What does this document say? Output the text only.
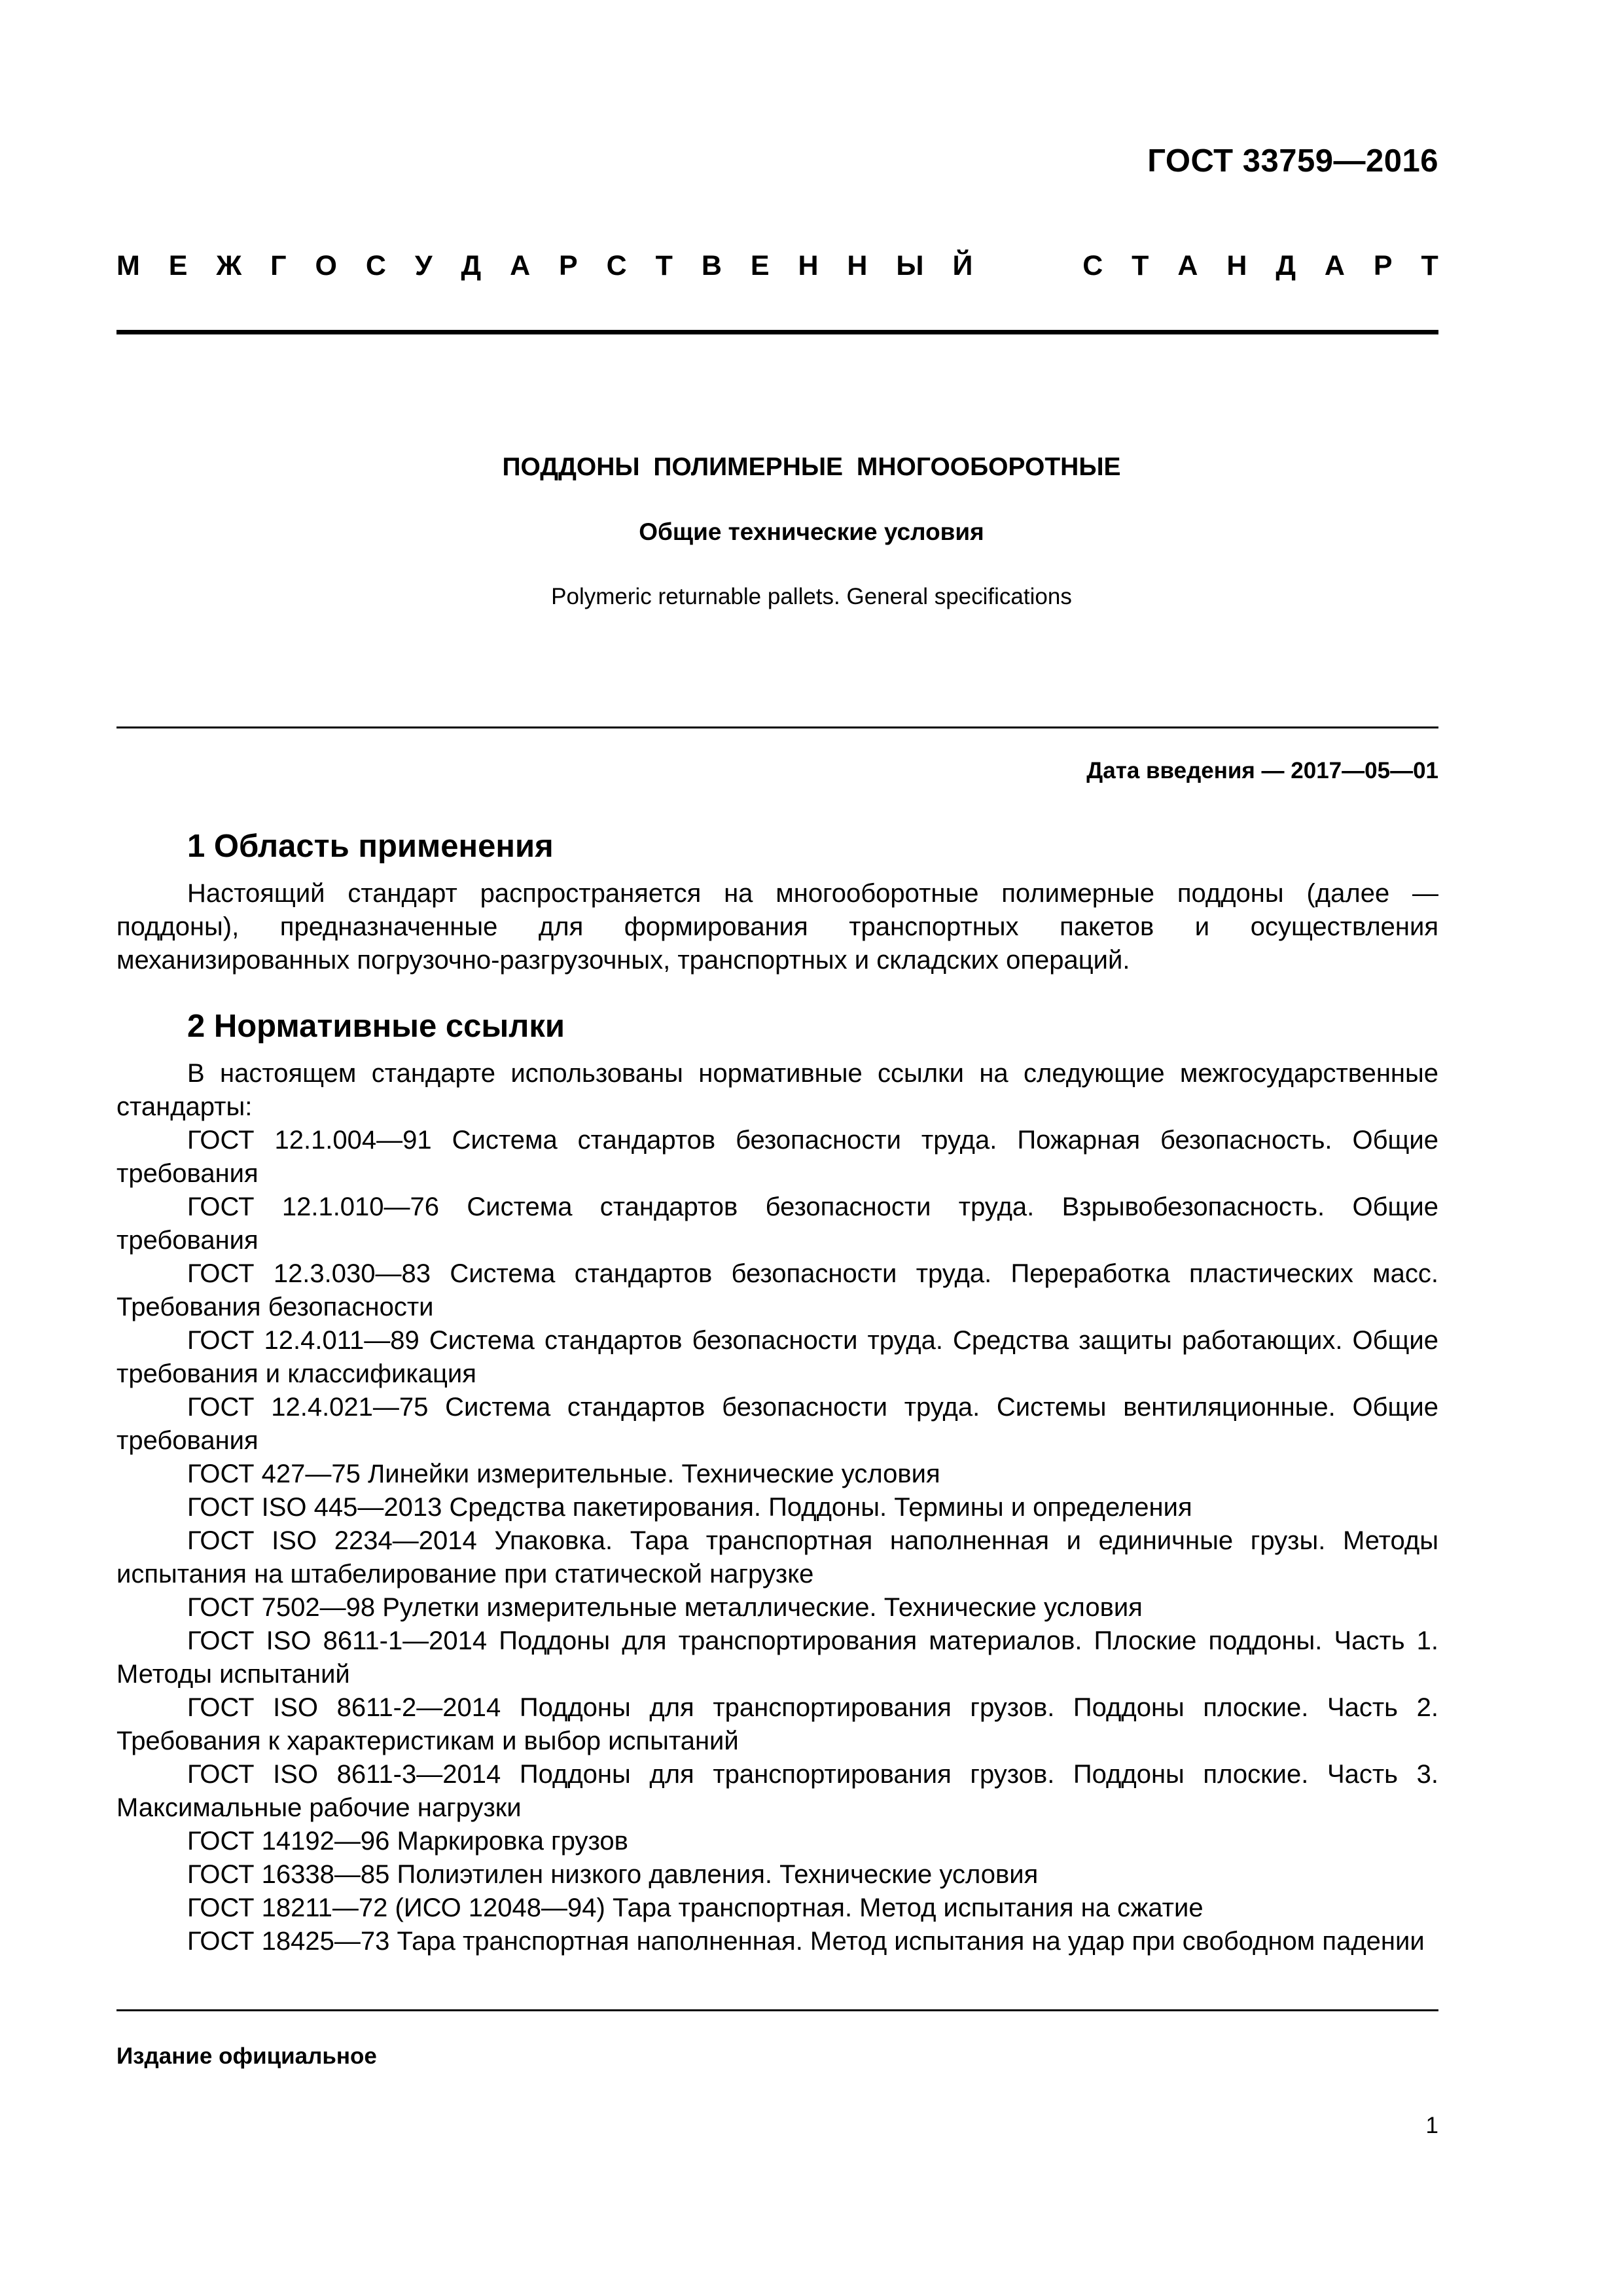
ГОСТ 33759—2016
М Е Ж Г О С У Д А Р С Т В Е Н Н Ы Й	С Т А Н Д А Р Т
ПОДДОНЫ ПОЛИМЕРНЫЕ МНОГООБОРОТНЫЕ
Общие технические условия
Polymeric returnable pallets. General specifications
Дата введения — 2017—05—01
1 Область применения

Настоящий стандарт распространяется на многооборотные полимерные поддоны (далее — поддоны), предназначенные для формирования транспортных пакетов и осуществления механизированных погрузочно-разгрузочных, транспортных и складских операций.

2 Нормативные ссылки

В настоящем стандарте использованы нормативные ссылки на следующие межгосударственные стандарты:

ГОСТ 12.1.004—91 Система стандартов безопасности труда. Пожарная безопасность. Общие требования
ГОСТ 12.1.010—76 Система стандартов безопасности труда. Взрывобезопасность. Общие требования
ГОСТ 12.3.030—83 Система стандартов безопасности труда. Переработка пластических масс. Требования безопасности
ГОСТ 12.4.011—89 Система стандартов безопасности труда. Средства защиты работающих. Общие требования и классификация
ГОСТ 12.4.021—75 Система стандартов безопасности труда. Системы вентиляционные. Общие требования
ГОСТ 427—75 Линейки измерительные. Технические условия
ГОСТ ISO 445—2013 Средства пакетирования. Поддоны. Термины и определения
ГОСТ ISO 2234—2014 Упаковка. Тара транспортная наполненная и единичные грузы. Методы испытания на штабелирование при статической нагрузке
ГОСТ 7502—98 Рулетки измерительные металлические. Технические условия
ГОСТ ISO 8611-1—2014 Поддоны для транспортирования материалов. Плоские поддоны. Часть 1. Методы испытаний
ГОСТ ISO 8611-2—2014 Поддоны для транспортирования грузов. Поддоны плоские. Часть 2. Требования к характеристикам и выбор испытаний
ГОСТ ISO 8611-3—2014 Поддоны для транспортирования грузов. Поддоны плоские. Часть 3. Максимальные рабочие нагрузки
ГОСТ 14192—96 Маркировка грузов
ГОСТ 16338—85 Полиэтилен низкого давления. Технические условия
ГОСТ 18211—72 (ИСО 12048—94) Тара транспортная. Метод испытания на сжатие
ГОСТ 18425—73 Тара транспортная наполненная. Метод испытания на удар при свободном падении
Издание официальное
1
